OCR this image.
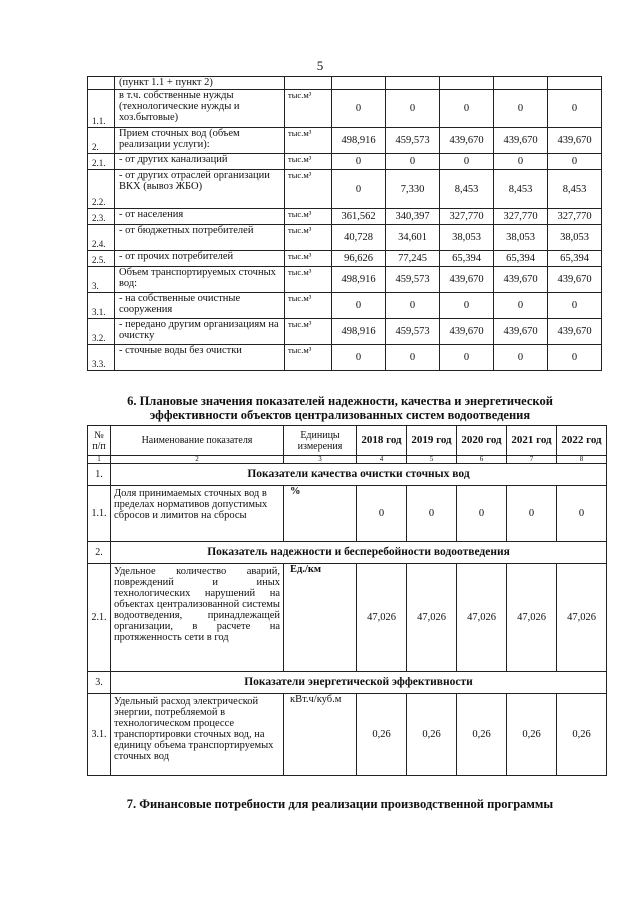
5
	(пункт 1.1 + пункт 2)						
1.1.	в т.ч. собственные нужды (технологические нужды и хоз.бытовые)	тыс.м³	0	0	0	0	0
2.	Прием сточных вод (объем реализации услуги):	тыс.м³	498,916	459,573	439,670	439,670	439,670
2.1.	- от других канализаций	тыс.м³	0	0	0	0	0
2.2.	- от других отраслей организации ВКХ (вывоз ЖБО)	тыс.м³	0	7,330	8,453	8,453	8,453
2.3.	- от населения	тыс.м³	361,562	340,397	327,770	327,770	327,770
2.4.	- от бюджетных потребителей	тыс.м³	40,728	34,601	38,053	38,053	38,053
2.5.	- от прочих потребителей	тыс.м³	96,626	77,245	65,394	65,394	65,394
3.	Объем транспортируемых сточных вод:	тыс.м³	498,916	459,573	439,670	439,670	439,670
3.1.	- на собственные очистные сооружения	тыс.м³	0	0	0	0	0
3.2.	- передано другим организациям на очистку	тыс.м³	498,916	459,573	439,670	439,670	439,670
3.3.	- сточные воды без очистки	тыс.м³	0	0	0	0	0
6. Плановые значения показателей надежности, качества и энергетической эффективности объектов централизованных систем водоотведения
№ п/п	Наименование показателя	Единицы измерения	2018 год	2019 год	2020 год	2021 год	2022 год
1	2	3	4	5	6	7	8
1.	Показатели качества очистки сточных вод						
1.1.	Доля принимаемых сточных вод в пределах нормативов допустимых сбросов и лимитов на сбросы	%	0	0	0	0	0
2.	Показатель надежности и бесперебойности водоотведения						
2.1.	Удельное количество аварий, повреждений и иных технологических нарушений на объектах централизованной системы водоотведения, принадлежащей организации, в расчете на протяженность сети в год	Ед./км	47,026	47,026	47,026	47,026	47,026
3.	Показатели энергетической эффективности						
3.1.	Удельный расход электрической энергии, потребляемой в технологическом процессе транспортировки сточных вод, на единицу объема транспортируемых сточных вод	кВт.ч/куб.м	0,26	0,26	0,26	0,26	0,26
7. Финансовые потребности для реализации производственной программы
